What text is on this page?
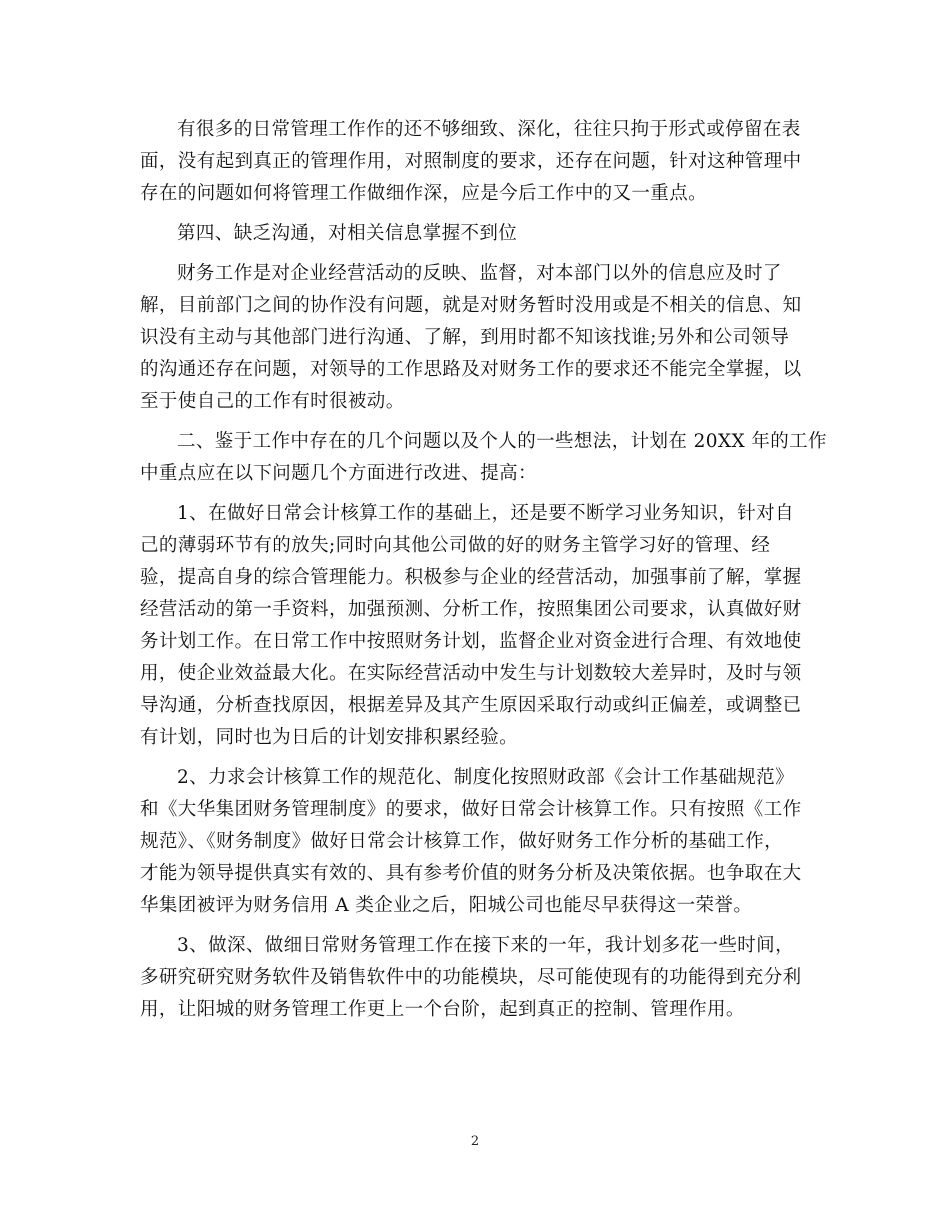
有很多的日常管理工作作的还不够细致、深化，往往只拘于形式或停留在表
面，没有起到真正的管理作用，对照制度的要求，还存在问题，针对这种管理中
存在的问题如何将管理工作做细作深，应是今后工作中的又一重点。
第四、缺乏沟通，对相关信息掌握不到位
财务工作是对企业经营活动的反映、监督，对本部门以外的信息应及时了
解，目前部门之间的协作没有问题，就是对财务暂时没用或是不相关的信息、知
识没有主动与其他部门进行沟通、了解，到用时都不知该找谁;另外和公司领导
的沟通还存在问题，对领导的工作思路及对财务工作的要求还不能完全掌握，以
至于使自己的工作有时很被动。
二、鉴于工作中存在的几个问题以及个人的一些想法，计划在 20XX 年的工作
中重点应在以下问题几个方面进行改进、提高：
1、在做好日常会计核算工作的基础上，还是要不断学习业务知识，针对自
己的薄弱环节有的放失;同时向其他公司做的好的财务主管学习好的管理、经
验，提高自身的综合管理能力。积极参与企业的经营活动，加强事前了解，掌握
经营活动的第一手资料，加强预测、分析工作，按照集团公司要求，认真做好财
务计划工作。在日常工作中按照财务计划，监督企业对资金进行合理、有效地使
用，使企业效益最大化。在实际经营活动中发生与计划数较大差异时，及时与领
导沟通，分析查找原因，根据差异及其产生原因采取行动或纠正偏差，或调整已
有计划，同时也为日后的计划安排积累经验。
2、力求会计核算工作的规范化、制度化按照财政部《会计工作基础规范》
和《大华集团财务管理制度》的要求，做好日常会计核算工作。只有按照《工作
规范》、《财务制度》做好日常会计核算工作，做好财务工作分析的基础工作，
才能为领导提供真实有效的、具有参考价值的财务分析及决策依据。也争取在大
华集团被评为财务信用 A 类企业之后，阳城公司也能尽早获得这一荣誉。
3、做深、做细日常财务管理工作在接下来的一年，我计划多花一些时间，
多研究研究财务软件及销售软件中的功能模块，尽可能使现有的功能得到充分利
用，让阳城的财务管理工作更上一个台阶，起到真正的控制、管理作用。
2
